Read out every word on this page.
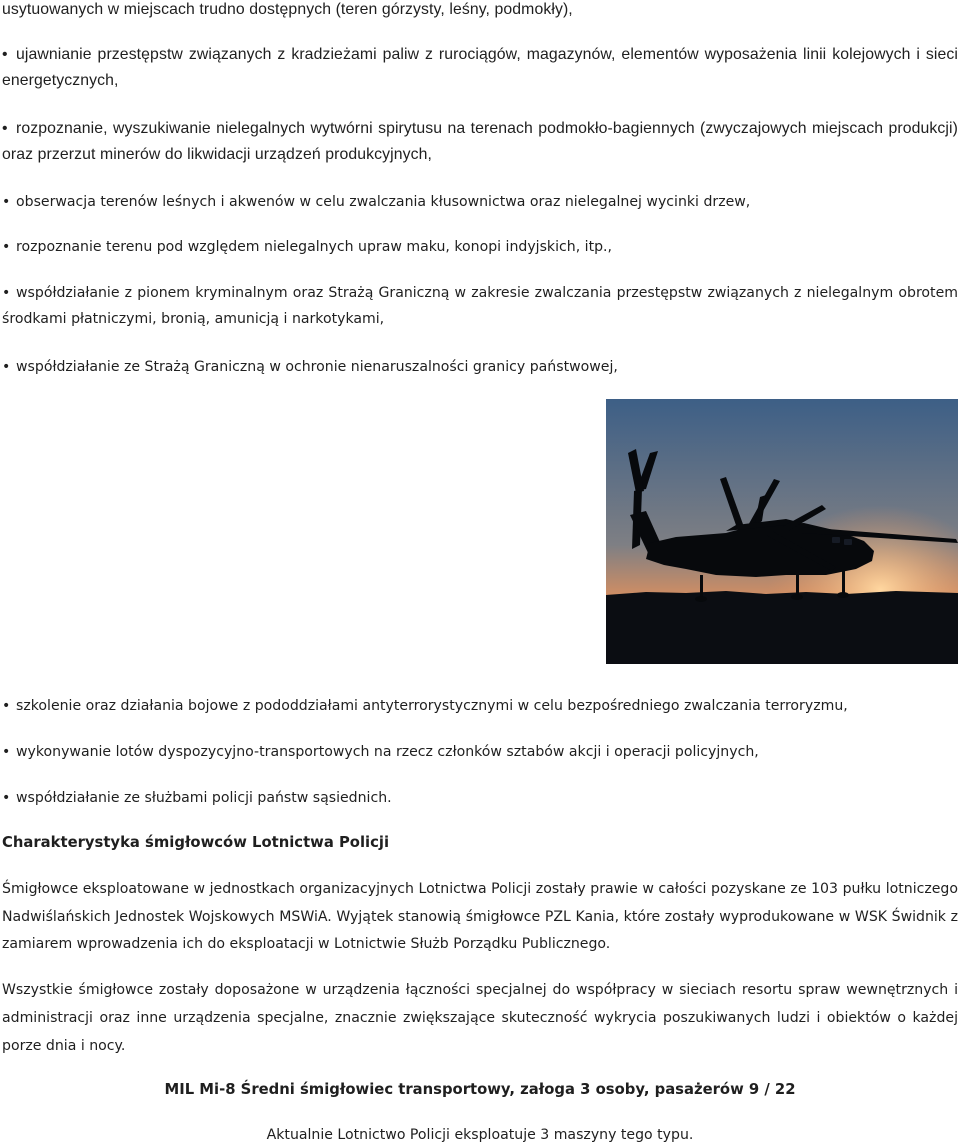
usytuowanych w miejscach trudno dostępnych (teren górzysty, leśny, podmokły),

• ujawnianie przestępstw związanych z kradzieżami paliw z rurociągów, magazynów, elementów wyposażenia linii kolejowych i sieci energetycznych,

• rozpoznanie, wyszukiwanie nielegalnych wytwórni spirytusu na terenach podmokło-bagiennych (zwyczajowych miejscach produkcji) oraz przerzut minerów do likwidacji urządzeń produkcyjnych,

• obserwacja terenów leśnych i akwenów w celu zwalczania kłusownictwa oraz nielegalnej wycinki drzew,

• rozpoznanie terenu pod względem nielegalnych upraw maku, konopi indyjskich, itp.,

• współdziałanie z pionem kryminalnym oraz Strażą Graniczną w zakresie zwalczania przestępstw związanych z nielegalnym obrotem środkami płatniczymi, bronią, amunicją i narkotykami,

• współdziałanie ze Strażą Graniczną w ochronie nienaruszalności granicy państwowej,

• szkolenie oraz działania bojowe z pododdziałami antyterrorystycznymi w celu bezpośredniego zwalczania terroryzmu,

• wykonywanie lotów dyspozycyjno-transportowych na rzecz członków sztabów akcji i operacji policyjnych,

• współdziałanie ze służbami policji państw sąsiednich.

Charakterystyka śmigłowców Lotnictwa Policji

Śmigłowce eksploatowane w jednostkach organizacyjnych Lotnictwa Policji zostały prawie w całości pozyskane ze 103 pułku lotniczego Nadwiślańskich Jednostek Wojskowych MSWiA. Wyjątek stanowią śmigłowce PZL Kania, które zostały wyprodukowane w WSK Świdnik z zamiarem wprowadzenia ich do eksploatacji w Lotnictwie Służb Porządku Publicznego.

Wszystkie śmigłowce zostały doposażone w urządzenia łączności specjalnej do współpracy w sieciach resortu spraw wewnętrznych i administracji oraz inne urządzenia specjalne, znacznie zwiększające skuteczność wykrycia poszukiwanych ludzi i obiektów o każdej porze dnia i nocy.

MIL Mi-8 Średni śmigłowiec transportowy, załoga 3 osoby, pasażerów 9 / 22

Aktualnie Lotnictwo Policji eksploatuje 3 maszyny tego typu.
